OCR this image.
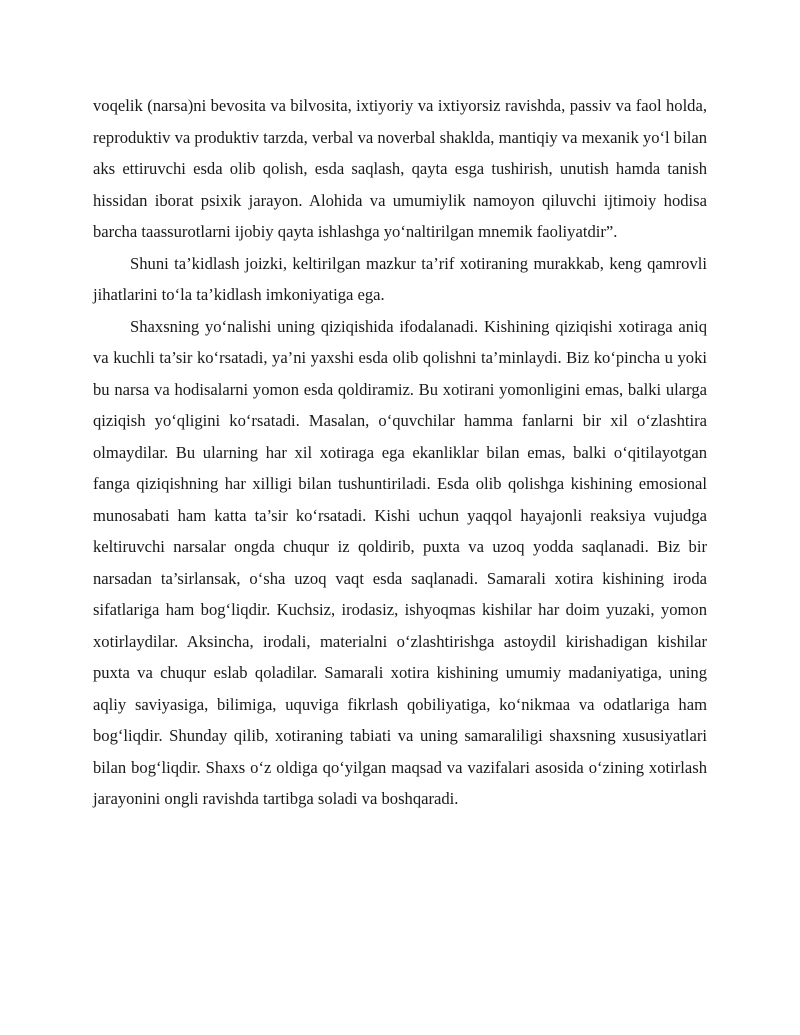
voqelik (narsa)ni bevosita va bilvosita, ixtiyoriy va ixtiyorsiz ravishda, passiv va faol holda, reproduktiv va produktiv tarzda, verbal va noverbal shaklda, mantiqiy va mexanik yo‘l bilan aks ettiruvchi esda olib qolish, esda saqlash, qayta esga tushirish, unutish hamda tanish hissidan iborat psixik jarayon. Alohida va umumiylik namoyon qiluvchi ijtimoiy hodisa barcha taassurotlarni ijobiy qayta ishlashga yo‘naltirilgan mnemik faoliyatdir”.

Shuni ta’kidlash joizki, keltirilgan mazkur ta’rif xotiraning murakkab, keng qamrovli jihatlarini to‘la ta’kidlash imkoniyatiga ega.

Shaxsning yo‘nalishi uning qiziqishida ifodalanadi. Kishining qiziqishi xotiraga aniq va kuchli ta’sir ko‘rsatadi, ya’ni yaxshi esda olib qolishni ta’minlaydi. Biz ko‘pincha u yoki bu narsa va hodisalarni yomon esda qoldiramiz. Bu xotirani yomonligini emas, balki ularga qiziqish yo‘qligini ko‘rsatadi. Masalan, o‘quvchilar hamma fanlarni bir xil o‘zlashtira olmaydilar. Bu ularning har xil xotiraga ega ekanliklar bilan emas, balki o‘qitilayotgan fanga qiziqishning har xilligi bilan tushuntiriladi. Esda olib qolishga kishining emosional munosabati ham katta ta’sir ko‘rsatadi. Kishi uchun yaqqol hayajonli reaksiya vujudga keltiruvchi narsalar ongda chuqur iz qoldirib, puxta va uzoq yodda saqlanadi. Biz bir narsadan ta’sirlansak, o‘sha uzoq vaqt esda saqlanadi. Samarali xotira kishining iroda sifatlariga ham bog‘liqdir. Kuchsiz, irodasiz, ishyoqmas kishilar har doim yuzaki, yomon xotirlaydilar. Aksincha, irodali, materialni o‘zlashtirishga astoydil kirishadigan kishilar puxta va chuqur eslab qoladilar. Samarali xotira kishining umumiy madaniyatiga, uning aqliy saviyasiga, bilimiga, uquviga fikrlash qobiliyatiga, ko‘nikmaa va odatlariga ham bog‘liqdir. Shunday qilib, xotiraning tabiati va uning samaraliligi shaxsning xususiyatlari bilan bog‘liqdir. Shaxs o‘z oldiga qo‘yilgan maqsad va vazifalari asosida o‘zining xotirlash jarayonini ongli ravishda tartibga soladi va boshqaradi.
